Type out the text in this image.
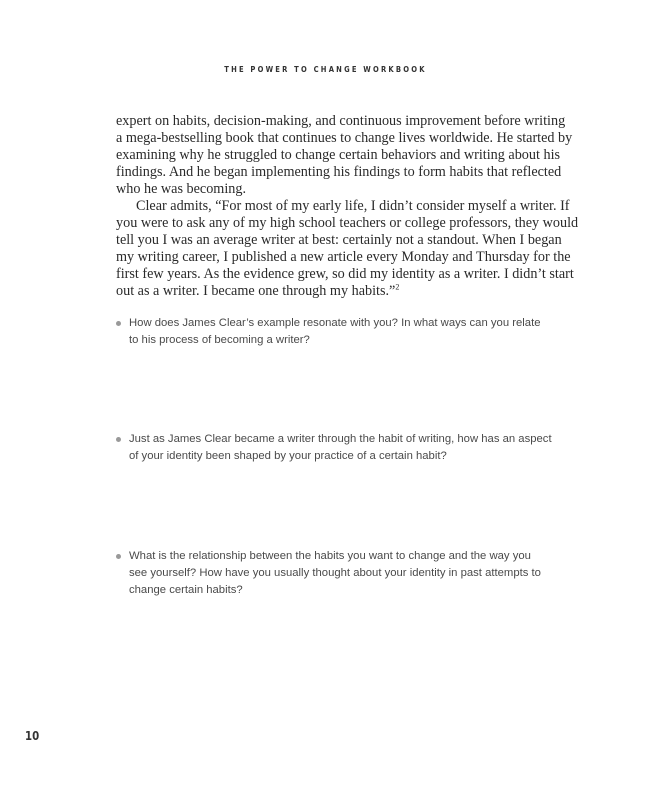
THE POWER TO CHANGE WORKBOOK
expert on habits, decision-making, and continuous improvement before writing
a mega-bestselling book that continues to change lives worldwide. He started by
examining why he struggled to change certain behaviors and writing about his
findings. And he began implementing his findings to form habits that reflected
who he was becoming.
Clear admits, “For most of my early life, I didn’t consider myself a writer. If
you were to ask any of my high school teachers or college professors, they would
tell you I was an average writer at best: certainly not a standout. When I began
my writing career, I published a new article every Monday and Thursday for the
first few years. As the evidence grew, so did my identity as a writer. I didn’t start
out as a writer. I became one through my habits.”$^2$
How does James Clear’s example resonate with you? In what ways can you relate
to his process of becoming a writer?
Just as James Clear became a writer through the habit of writing, how has an aspect
of your identity been shaped by your practice of a certain habit?
What is the relationship between the habits you want to change and the way you
see yourself? How have you usually thought about your identity in past attempts to
change certain habits?
10
